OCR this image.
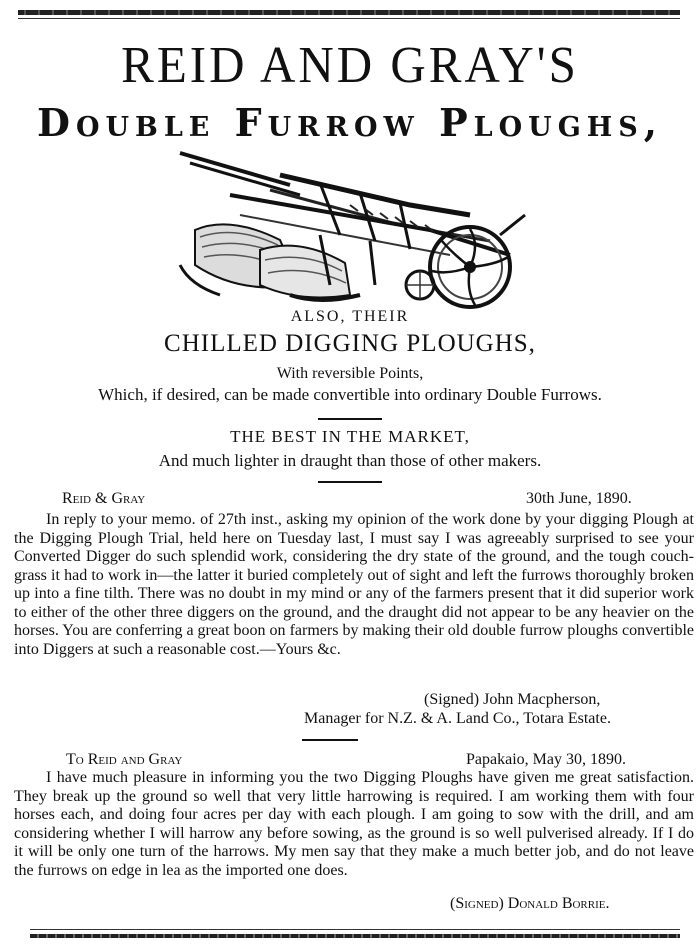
REID AND GRAY'S
Double Furrow Ploughs,
ALSO, THEIR
CHILLED DIGGING PLOUGHS,
With reversible Points,
Which, if desired, can be made convertible into ordinary Double Furrows.
THE BEST IN THE MARKET,
And much lighter in draught than those of other makers.
Reid & Gray	30th June, 1890.

In reply to your memo. of 27th inst., asking my opinion of the work done by your digging Plough at the Digging Plough Trial, held here on Tuesday last, I must say I was agreeably surprised to see your Converted Digger do such splendid work, considering the dry state of the ground, and the tough couch-grass it had to work in—the latter it buried completely out of sight and left the furrows thoroughly broken up into a fine tilth. There was no doubt in my mind or any of the farmers present that it did superior work to either of the other three diggers on the ground, and the draught did not appear to be any heavier on the horses. You are conferring a great boon on farmers by making their old double furrow ploughs convertible into Diggers at such a reasonable cost.—Yours &c.

(Signed) John Macpherson,
Manager for N.Z. & A. Land Co., Totara Estate.
To Reid and Gray	Papakaio, May 30, 1890.

I have much pleasure in informing you the two Digging Ploughs have given me great satisfaction. They break up the ground so well that very little harrowing is required. I am working them with four horses each, and doing four acres per day with each plough. I am going to sow with the drill, and am considering whether I will harrow any before sowing, as the ground is so well pulverised already. If I do it will be only one turn of the harrows. My men say that they make a much better job, and do not leave the furrows on edge in lea as the imported one does.

(Signed) Donald Borrie.
